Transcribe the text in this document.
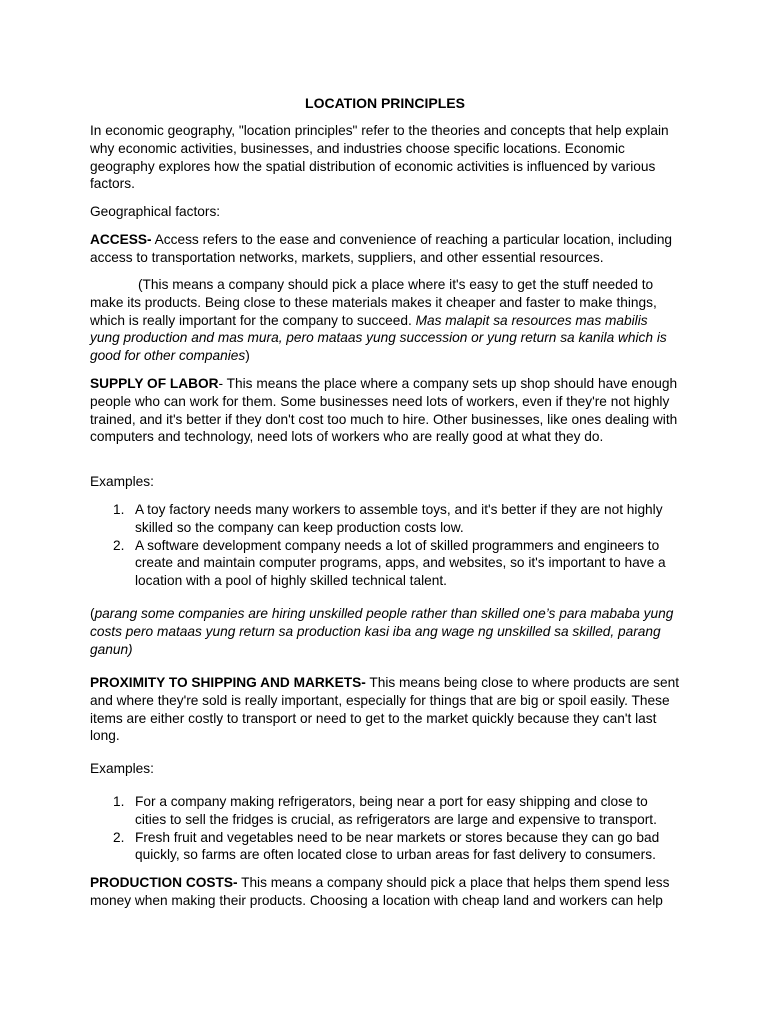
LOCATION PRINCIPLES

In economic geography, "location principles" refer to the theories and concepts that help explain why economic activities, businesses, and industries choose specific locations. Economic geography explores how the spatial distribution of economic activities is influenced by various factors.

Geographical factors:

ACCESS- Access refers to the ease and convenience of reaching a particular location, including access to transportation networks, markets, suppliers, and other essential resources.

(This means a company should pick a place where it's easy to get the stuff needed to make its products. Being close to these materials makes it cheaper and faster to make things, which is really important for the company to succeed. Mas malapit sa resources mas mabilis yung production and mas mura, pero mataas yung succession or yung return sa kanila which is good for other companies)

SUPPLY OF LABOR- This means the place where a company sets up shop should have enough people who can work for them. Some businesses need lots of workers, even if they're not highly trained, and it's better if they don't cost too much to hire. Other businesses, like ones dealing with computers and technology, need lots of workers who are really good at what they do.

Examples:

1. A toy factory needs many workers to assemble toys, and it's better if they are not highly skilled so the company can keep production costs low.
2. A software development company needs a lot of skilled programmers and engineers to create and maintain computer programs, apps, and websites, so it's important to have a location with a pool of highly skilled technical talent.

(parang some companies are hiring unskilled people rather than skilled one’s para mababa yung costs pero mataas yung return sa production kasi iba ang wage ng unskilled sa skilled, parang ganun)

PROXIMITY TO SHIPPING AND MARKETS- This means being close to where products are sent and where they're sold is really important, especially for things that are big or spoil easily. These items are either costly to transport or need to get to the market quickly because they can't last long.

Examples:

1. For a company making refrigerators, being near a port for easy shipping and close to cities to sell the fridges is crucial, as refrigerators are large and expensive to transport.
2. Fresh fruit and vegetables need to be near markets or stores because they can go bad quickly, so farms are often located close to urban areas for fast delivery to consumers.

PRODUCTION COSTS- This means a company should pick a place that helps them spend less money when making their products. Choosing a location with cheap land and workers can help
